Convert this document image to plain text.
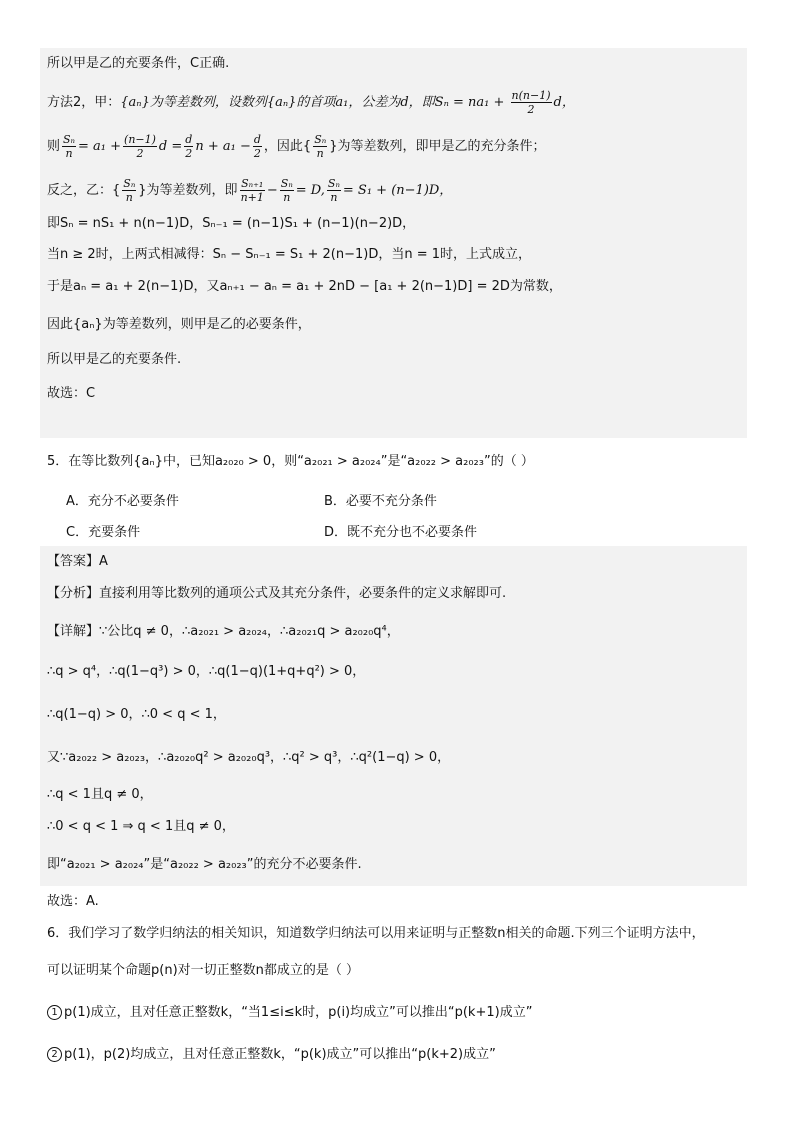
所以甲是乙的充要条件，C正确.
方法2，甲：{aₙ}为等差数列，设数列{aₙ}的首项a₁，公差为d，即$S_n = na_1 + \frac{n(n-1)}{2}$ d，
则 $\frac{\text{Sₙ}}{n} = a_1 + \frac{(n-1)}{2}$ $d = \frac{d}{2}$ $n + a_1 - \frac{d}{2}$ ，因此{ $\frac{\text{Sₙ}}{n}$ }为等差数列，即甲是乙的充分条件；
反之，乙：{ $\frac{\text{Sₙ}}{n}$ }为等差数列，即 $\frac{\text{Sₙ₊₁}}{n+1} - \frac{\text{Sₙ}}{n} = D$, $\frac{\text{Sₙ}}{n} = S_1 + (n-1)D$，
即Sₙ = nS₁ + n(n−1)D，Sₙ₋₁ = (n−1)S₁ + (n−1)(n−2)D，
当n ≥ 2时，上两式相减得：Sₙ − Sₙ₋₁ = S₁ + 2(n−1)D，当n = 1时，上式成立，
于是aₙ = a₁ + 2(n−1)D，又aₙ₊₁ − aₙ = a₁ + 2nD − [a₁ + 2(n−1)D] = 2D为常数，
因此{aₙ}为等差数列，则甲是乙的必要条件，
所以甲是乙的充要条件.
故选：C
5．在等比数列{aₙ}中，已知a₂₀₂₀ > 0，则“a₂₀₂₁ > a₂₀₂₄”是“a₂₀₂₂ > a₂₀₂₃”的（ ）
A．充分不必要条件	B．必要不充分条件
C．充要条件	D．既不充分也不必要条件
【答案】A
【分析】直接利用等比数列的通项公式及其充分条件，必要条件的定义求解即可.
【详解】∵公比q ≠ 0，∴a₂₀₂₁ > a₂₀₂₄，∴a₂₀₂₁q > a₂₀₂₀q⁴，
∴q > q⁴，∴q(1−q³) > 0，∴q(1−q)(1+q+q²) > 0，
∴q(1−q) > 0，∴0 < q < 1，
又∵a₂₀₂₂ > a₂₀₂₃，∴a₂₀₂₀q² > a₂₀₂₀q³，∴q² > q³，∴q²(1−q) > 0，
∴q < 1且q ≠ 0，
∴0 < q < 1 ⇒ q < 1且q ≠ 0，
即“a₂₀₂₁ > a₂₀₂₄”是“a₂₀₂₂ > a₂₀₂₃”的充分不必要条件.
故选：A.
6．我们学习了数学归纳法的相关知识，知道数学归纳法可以用来证明与正整数n相关的命题.下列三个证明方法中，
可以证明某个命题p(n)对一切正整数n都成立的是（ ）
1 p(1)成立，且对任意正整数k，“当1≤i≤k时，p(i)均成立”可以推出“p(k+1)成立”
2 p(1)，p(2)均成立，且对任意正整数k，“p(k)成立”可以推出“p(k+2)成立”
